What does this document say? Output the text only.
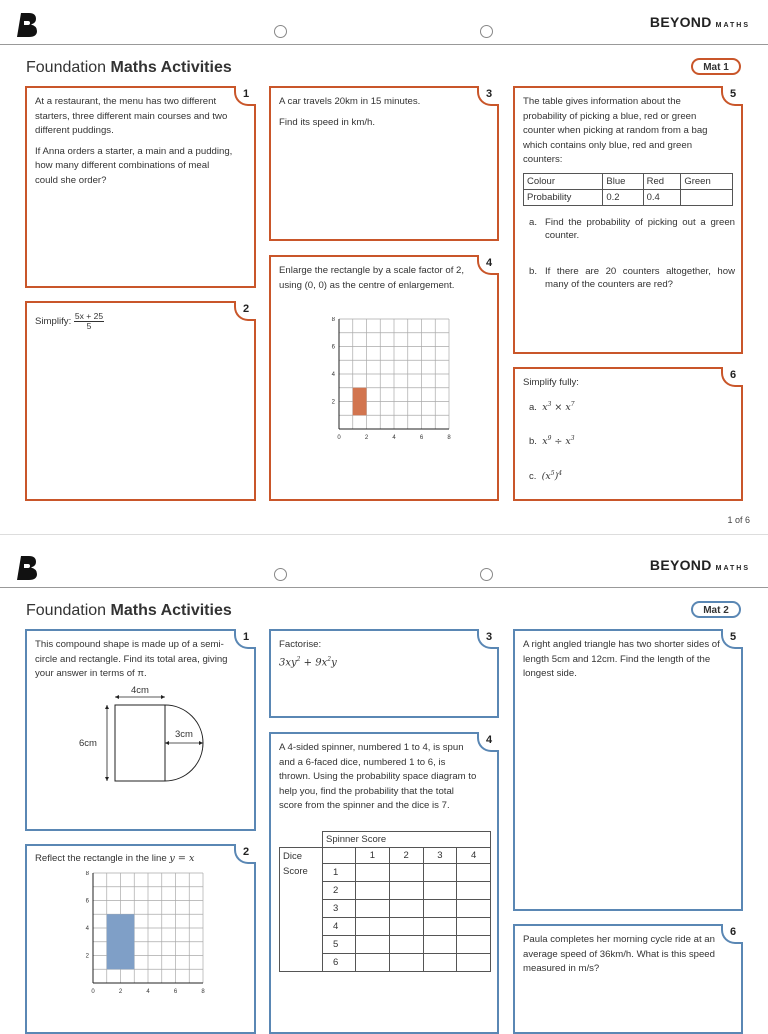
BEYOND MATHS
Foundation Maths Activities	Mat 1
1

At a restaurant, the menu has two different starters, three different main courses and two different puddings.

If Anna orders a starter, a main and a pudding, how many different combinations of meal could she order?

2
Simplify: $\frac{5x + 25}{5}$
3

A car travels 20km in 15 minutes.

Find its speed in km/h.

4

Enlarge the rectangle by a scale factor of 2, using (0, 0) as the centre of enlargement.

0	2
2
4
4
6
6
8
8
5

The table gives information about the probability of picking a blue, red or green counter when picking at random from a bag which contains only blue, red and green counters:

Colour	Blue	Red	Green
Probability	0.2	0.4	
a. Find the probability of picking out a green counter.
b. If there are 20 counters altogether, how many of the counters are red?
6

Simplify fully:

a. $x^3 \times x^7$
b. $x^9 \div x^3$
c. $(x^5)^4$
1 of 6
BEYOND MATHS
Foundation Maths Activities	Mat 2
1

This compound shape is made up of a semi-circle and rectangle. Find its total area, giving your answer in terms of π.

4cm
6cm
3cm
2
Reflect the rectangle in the line y = x
0	2
2
4
4
6
6
8
8
3
Factorise:
$3xy^2 + 9x^2y$
4

A 4-sided spinner, numbered 1 to 4, is spun and a 6-faced dice, numbered 1 to 6, is thrown. Using the probability space diagram to help you, find the probability that the total score from the spinner and the dice is 7.

	Spinner Score				
Dice
Score		1	2	3	4
	1				
	2				
	3				
	4				
	5				
	6				
5

A right angled triangle has two shorter sides of length 5cm and 12cm. Find the length of the longest side.

6

Paula completes her morning cycle ride at an average speed of 36km/h. What is this speed measured in m/s?
